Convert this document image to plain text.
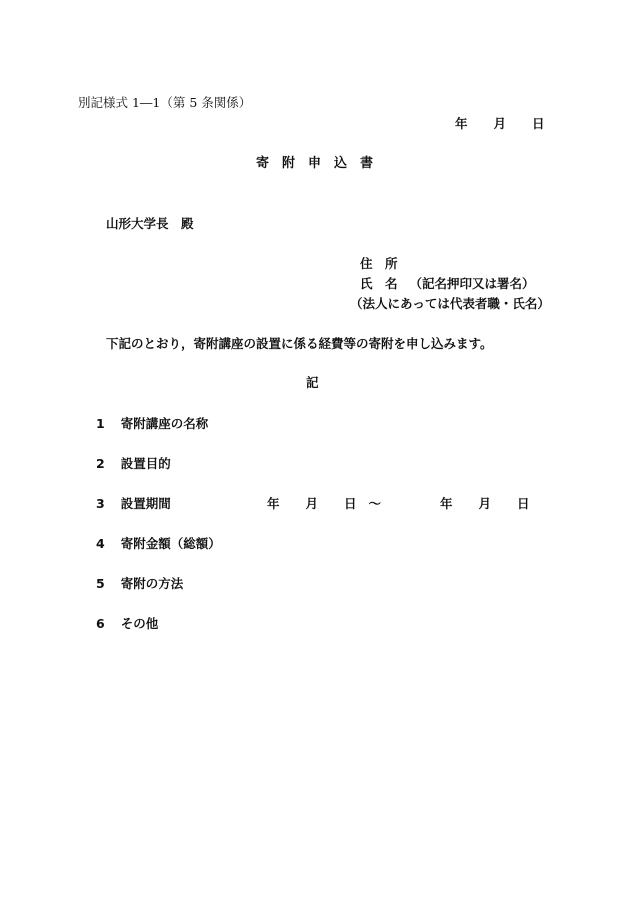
別記様式 1―1（第 5 条関係）
年 月 日
寄　附　申　込　書
山形大学長　殿
住　所
氏　名 （記名押印又は署名）
（法人にあっては代表者職・氏名）
下記のとおり，寄附講座の設置に係る経費等の寄附を申し込みます。
記
1 寄附講座の名称
2 設置目的
3 設置期間	年 月 日 ～	年 月 日
4 寄附金額（総額）
5 寄附の方法
6 その他
